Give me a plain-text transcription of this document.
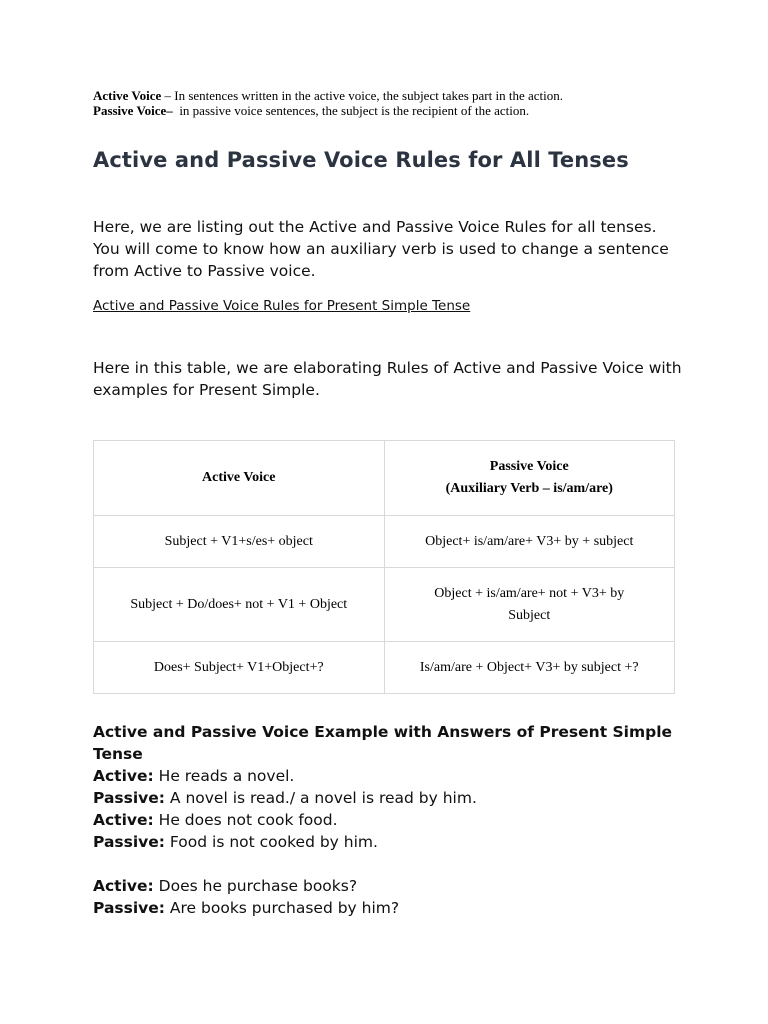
Active Voice – In sentences written in the active voice, the subject takes part in the action.
Passive Voice–  in passive voice sentences, the subject is the recipient of the action.
Active and Passive Voice Rules for All Tenses

Here, we are listing out the Active and Passive Voice Rules for all tenses. You will come to know how an auxiliary verb is used to change a sentence from Active to Passive voice.

Active and Passive Voice Rules for Present Simple Tense

Here in this table, we are elaborating Rules of Active and Passive Voice with examples for Present Simple.

Active Voice	Passive Voice
(Auxiliary Verb – is/am/are)

Subject + V1+s/es+ object	Object+ is/am/are+ V3+ by + subject
Subject + Do/does+ not + V1 + Object	Object + is/am/are+ not + V3+ by Subject
Does+ Subject+ V1+Object+?	Is/am/are + Object+ V3+ by subject +?
Active and Passive Voice Example with Answers of Present Simple Tense
Active: He reads a novel.
Passive: A novel is read./ a novel is read by him.
Active: He does not cook food.
Passive: Food is not cooked by him.
Active: Does he purchase books?
Passive: Are books purchased by him?
